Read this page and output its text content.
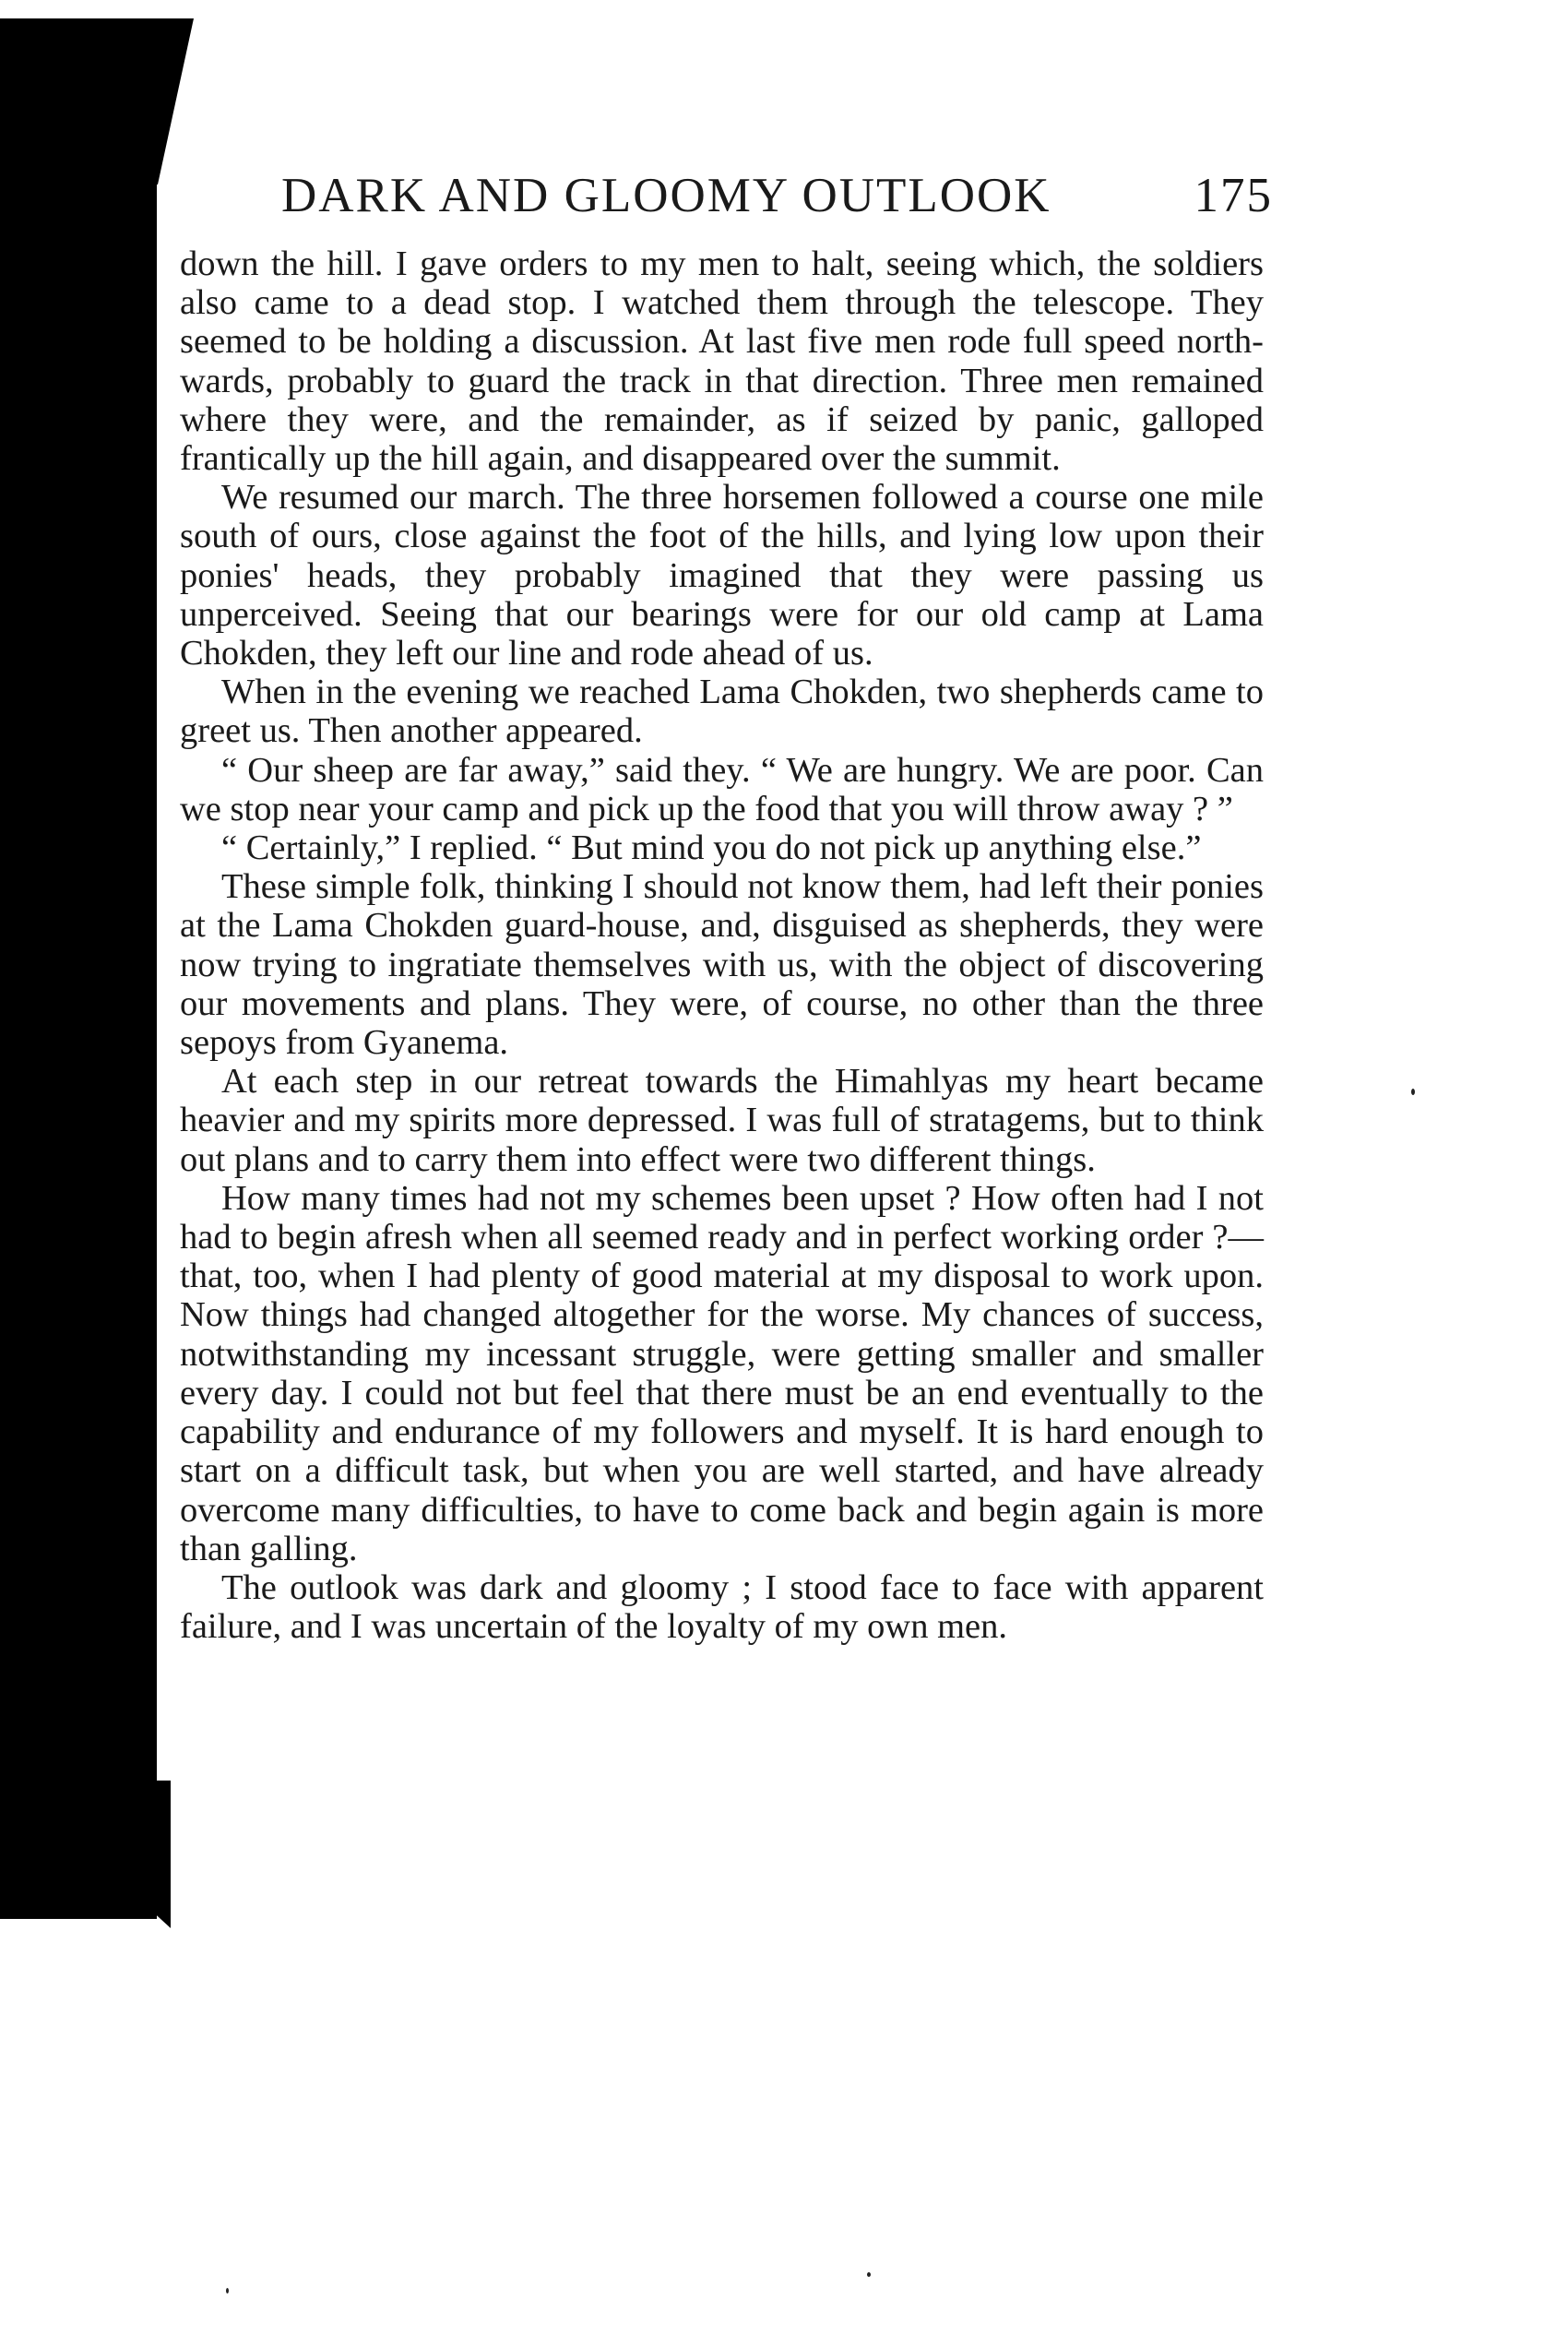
DARK AND GLOOMY OUTLOOK	175

down the hill. I gave orders to my men to halt, seeing which, the soldiers also came to a dead stop. I watched them through the telescope. They seemed to be holding a discussion. At last five men rode full speed northwards, probably to guard the track in that direction. Three men remained where they were, and the remainder, as if seized by panic, galloped frantically up the hill again, and disappeared over the summit.

We resumed our march. The three horsemen followed a course one mile south of ours, close against the foot of the hills, and lying low upon their ponies' heads, they probably imagined that they were passing us unperceived. Seeing that our bearings were for our old camp at Lama Chokden, they left our line and rode ahead of us.

When in the evening we reached Lama Chokden, two shepherds came to greet us. Then another appeared.

“ Our sheep are far away,” said they. “ We are hungry. We are poor. Can we stop near your camp and pick up the food that you will throw away ? ”

“ Certainly,” I replied. “ But mind you do not pick up anything else.”

These simple folk, thinking I should not know them, had left their ponies at the Lama Chokden guard-house, and, disguised as shepherds, they were now trying to ingratiate themselves with us, with the object of discovering our movements and plans. They were, of course, no other than the three sepoys from Gyanema.

At each step in our retreat towards the Himahlyas my heart became heavier and my spirits more depressed. I was full of stratagems, but to think out plans and to carry them into effect were two different things.

How many times had not my schemes been upset ? How often had I not had to begin afresh when all seemed ready and in perfect working order ?—that, too, when I had plenty of good material at my disposal to work upon. Now things had changed altogether for the worse. My chances of success, notwithstanding my incessant struggle, were getting smaller and smaller every day. I could not but feel that there must be an end eventually to the capability and endurance of my followers and myself. It is hard enough to start on a difficult task, but when you are well started, and have already overcome many difficulties, to have to come back and begin again is more than galling.

The outlook was dark and gloomy ; I stood face to face with apparent failure, and I was uncertain of the loyalty of my own men.
